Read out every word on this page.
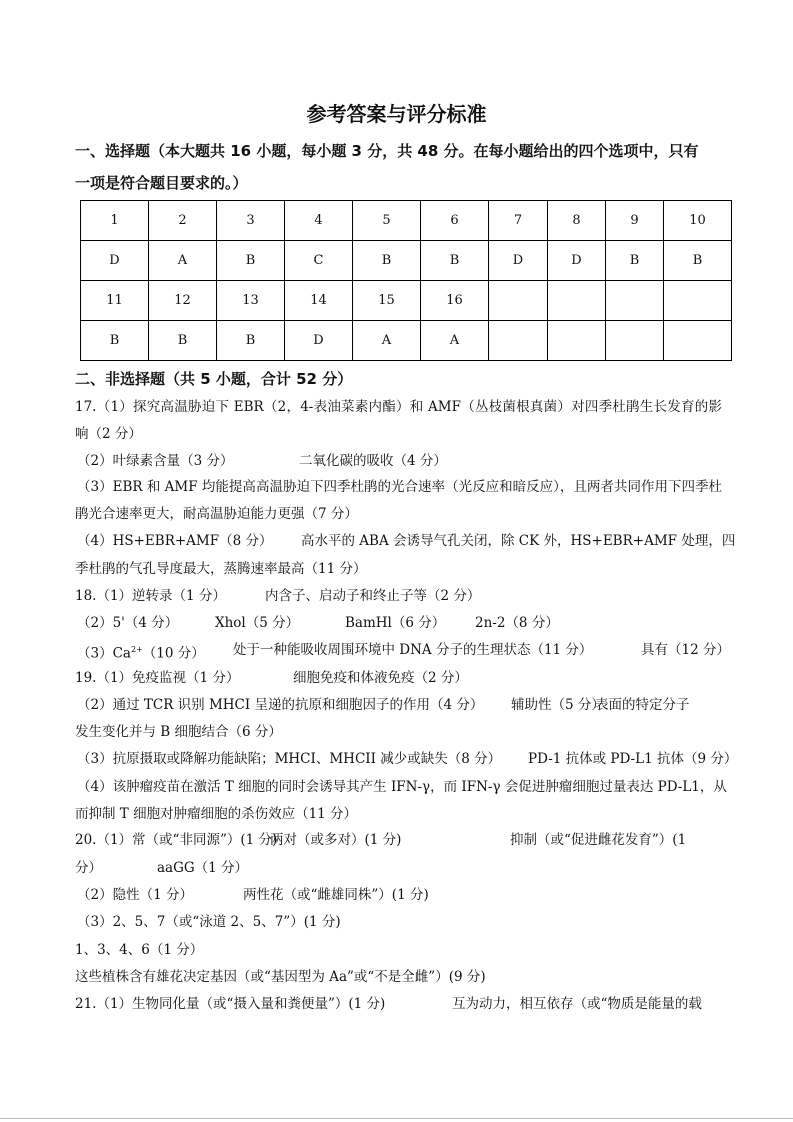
参考答案与评分标准
一、选择题（本大题共 16 小题，每小题 3 分，共 48 分。在每小题给出的四个选项中，只有
一项是符合题目要求的。）
1	2	3	4	5	6	7	8	9	10
D	A	B	C	B	B	D	D	B	B
11	12	13	14	15	16				
B	B	B	D	A	A				
二、非选择题（共 5 小题，合计 52 分）
17.（1）探究高温胁迫下 EBR（2，4-表油菜素内酯）和 AMF（丛枝菌根真菌）对四季杜鹃生长发育的影
响（2 分）
（2）叶绿素含量（3 分）	二氧化碳的吸收（4 分）
（3）EBR 和 AMF 均能提高高温胁迫下四季杜鹃的光合速率（光反应和暗反应），且两者共同作用下四季杜
鹃光合速率更大，耐高温胁迫能力更强（7 分）
（4）HS+EBR+AMF（8 分） 高水平的 ABA 会诱导气孔关闭，除 CK 外，HS+EBR+AMF 处理，四
季杜鹃的气孔导度最大，蒸腾速率最高（11 分）
18.（1）逆转录（1 分）	内含子、启动子和终止子等（2 分）
（2）5'（4 分）	Xhol（5 分）	BamHl（6 分） 2n-2（8 分）
$(3)Ca^{2+}(10$ 分） 处于一种能吸收周围环境中 DNA 分子的生理状态（11 分）	具有（12 分）
19.（1）免疫监视（1 分）	细胞免疫和体液免疫（2 分）
（2）通过 TCR 识别 MHCI 呈递的抗原和细胞因子的作用（4 分） 辅助性（5 分）
表面的特定分子
发生变化并与 B 细胞结合（6 分）
（3）抗原摄取或降解功能缺陷；MHCI、MHCII 减少或缺失（8 分） PD-1 抗体或 PD-L1 抗体（9 分）
（4）该肿瘤疫苗在激活 T 细胞的同时会诱导其产生 IFN-γ，而 IFN-γ 会促进肿瘤细胞过量表达 PD-L1，从
而抑制 T 细胞对肿瘤细胞的杀伤效应（11 分）
20.（1）常（或“非同源”）(1 分)
两对（或多对）(1 分)	抑制（或“促进雌花发育”）(1
分）	aaGG（1 分）
（2）隐性（1 分）	两性花（或“雌雄同株”）(1 分)
（3）2、5、7（或“泳道 2、5、7”）(1 分)
1、3、4、6（1 分）
这些植株含有雄花决定基因（或“基因型为 Aa”或“不是全雌”）(9 分)
21.（1）生物同化量（或“摄入量和粪便量”）(1 分)	互为动力，相互依存（或“物质是能量的载
